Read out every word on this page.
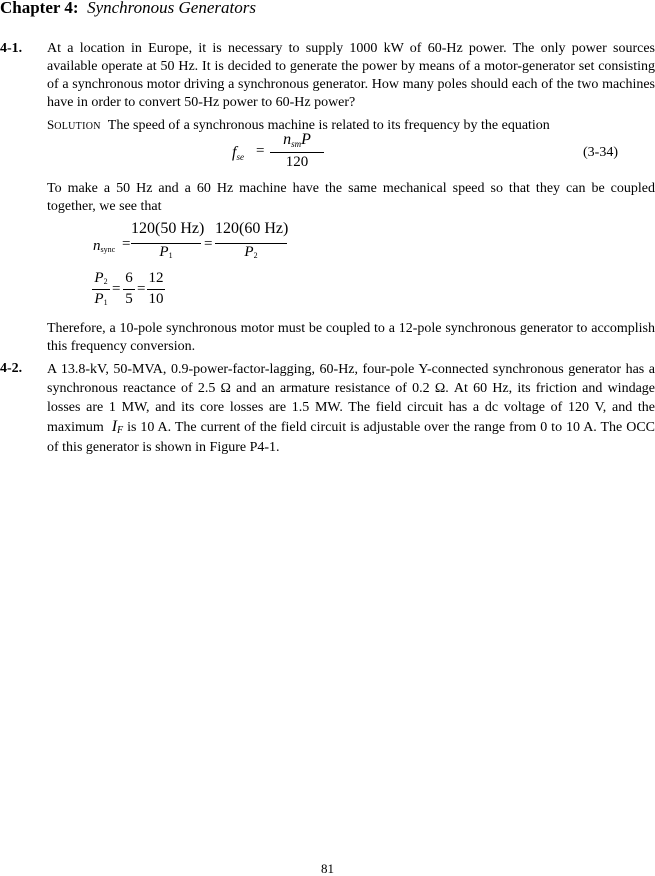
Chapter 4: Synchronous Generators
4-1. At a location in Europe, it is necessary to supply 1000 kW of 60-Hz power. The only power sources available operate at 50 Hz. It is decided to generate the power by means of a motor-generator set consisting of a synchronous motor driving a synchronous generator. How many poles should each of the two machines have in order to convert 50-Hz power to 60-Hz power?
SOLUTION The speed of a synchronous machine is related to its frequency by the equation
fse =
nsmP
120
(3-34)
To make a 50 Hz and a 60 Hz machine have the same mechanical speed so that they can be coupled together, we see that
nsync =
120(50 Hz)
P1
=
120(60 Hz)
P2
P2
P1
=
6
5
=
12
10
Therefore, a 10-pole synchronous motor must be coupled to a 12-pole synchronous generator to accomplish this frequency conversion.
4-2. A 13.8-kV, 50-MVA, 0.9-power-factor-lagging, 60-Hz, four-pole Y-connected synchronous generator has a synchronous reactance of 2.5 Ω and an armature resistance of 0.2 Ω. At 60 Hz, its friction and windage losses are 1 MW, and its core losses are 1.5 MW. The field circuit has a dc voltage of 120 V, and the maximum IF is 10 A. The current of the field circuit is adjustable over the range from 0 to 10 A. The OCC of this generator is shown in Figure P4-1.
81
